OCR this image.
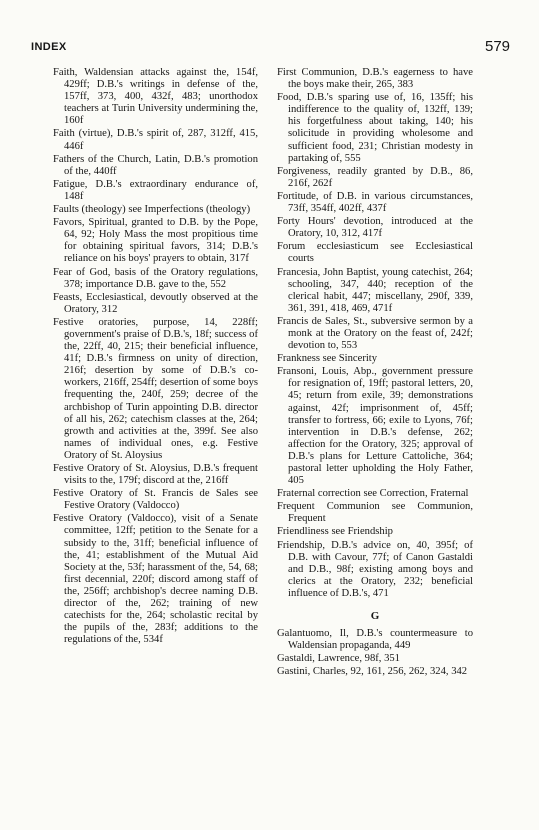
INDEX	579

Faith, Waldensian attacks against the, 154f, 429ff; D.B.'s writings in defense of the, 157ff, 373, 400, 432f, 483; unorthodox teachers at Turin University undermining the, 160f

Faith (virtue), D.B.'s spirit of, 287, 312ff, 415, 446f

Fathers of the Church, Latin, D.B.'s promotion of the, 440ff

Fatigue, D.B.'s extraordinary endurance of, 148f

Faults (theology) see Imperfections (theology)

Favors, Spiritual, granted to D.B. by the Pope, 64, 92; Holy Mass the most propitious time for obtaining spiritual favors, 314; D.B.'s reliance on his boys' prayers to obtain, 317f

Fear of God, basis of the Oratory regulations, 378; importance D.B. gave to the, 552

Feasts, Ecclesiastical, devoutly observed at the Oratory, 312

Festive oratories, purpose, 14, 228ff; government's praise of D.B.'s, 18f; success of the, 22ff, 40, 215; their beneficial influence, 41f; D.B.'s firmness on unity of direction, 216f; desertion by some of D.B.'s co-workers, 216ff, 254ff; desertion of some boys frequenting the, 240f, 259; decree of the archbishop of Turin appointing D.B. director of all his, 262; catechism classes at the, 264; growth and activities at the, 399f. See also names of individual ones, e.g. Festive Oratory of St. Aloysius

Festive Oratory of St. Aloysius, D.B.'s frequent visits to the, 179f; discord at the, 216ff

Festive Oratory of St. Francis de Sales see Festive Oratory (Valdocco)

Festive Oratory (Valdocco), visit of a Senate committee, 12ff; petition to the Senate for a subsidy to the, 31ff; beneficial influence of the, 41; establishment of the Mutual Aid Society at the, 53f; harassment of the, 54, 68; first decennial, 220f; discord among staff of the, 256ff; archbishop's decree naming D.B. director of the, 262; training of new catechists for the, 264; scholastic recital by the pupils of the, 283f; additions to the regulations of the, 534f

First Communion, D.B.'s eagerness to have the boys make their, 265, 383

Food, D.B.'s sparing use of, 16, 135ff; his indifference to the quality of, 132ff, 139; his forgetfulness about taking, 140; his solicitude in providing wholesome and sufficient food, 231; Christian modesty in partaking of, 555

Forgiveness, readily granted by D.B., 86, 216f, 262f

Fortitude, of D.B. in various circumstances, 73ff, 354ff, 402ff, 437f

Forty Hours' devotion, introduced at the Oratory, 10, 312, 417f

Forum ecclesiasticum see Ecclesiastical courts

Francesia, John Baptist, young catechist, 264; schooling, 347, 440; reception of the clerical habit, 447; miscellany, 290f, 339, 361, 391, 418, 469, 471f

Francis de Sales, St., subversive sermon by a monk at the Oratory on the feast of, 242f; devotion to, 553

Frankness see Sincerity

Fransoni, Louis, Abp., government pressure for resignation of, 19ff; pastoral letters, 20, 45; return from exile, 39; demonstrations against, 42f; imprisonment of, 45ff; transfer to fortress, 66; exile to Lyons, 76f; intervention in D.B.'s defense, 262; affection for the Oratory, 325; approval of D.B.'s plans for Letture Cattoliche, 364; pastoral letter upholding the Holy Father, 405

Fraternal correction see Correction, Fraternal

Frequent Communion see Communion, Frequent

Friendliness see Friendship

Friendship, D.B.'s advice on, 40, 395f; of D.B. with Cavour, 77f; of Canon Gastaldi and D.B., 98f; existing among boys and clerics at the Oratory, 232; beneficial influence of D.B.'s, 471

G

Galantuomo, Il, D.B.'s countermeasure to Waldensian propaganda, 449

Gastaldi, Lawrence, 98f, 351

Gastini, Charles, 92, 161, 256, 262, 324, 342
